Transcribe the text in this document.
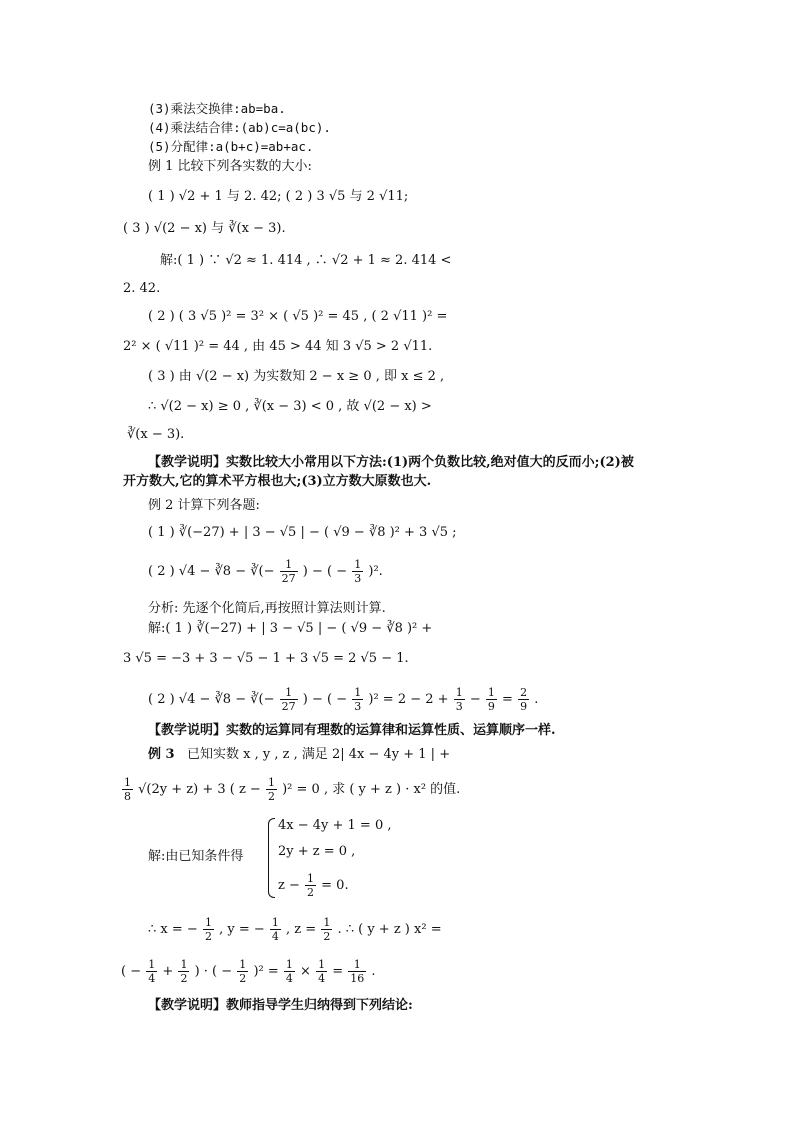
(3)乘法交换律:ab=ba.
(4)乘法结合律:(ab)c=a(bc).
(5)分配律:a(b+c)=ab+ac.
例 1 比较下列各实数的大小:
( 1 ) √2 + 1 与 2. 42; ( 2 ) 3 √5 与 2 √11;
( 3 ) √(2 − x) 与 ∛(x − 3).
解:( 1 ) ∵ √2 ≈ 1. 414 , ∴ √2 + 1 ≈ 2. 414 <
2. 42.
( 2 ) ( 3 √5 )² = 3² × ( √5 )² = 45 , ( 2 √11 )² =
2² × ( √11 )² = 44 , 由 45 > 44 知 3 √5 > 2 √11.
( 3 ) 由 √(2 − x) 为实数知 2 − x ≥ 0 , 即 x ≤ 2 ,
∴ √(2 − x) ≥ 0 , ∛(x − 3) < 0 , 故 √(2 − x) >
∛(x − 3).
【教学说明】实数比较大小常用以下方法:(1)两个负数比较,绝对值大的反而小;(2)被
开方数大,它的算术平方根也大;(3)立方数大原数也大.
例 2 计算下列各题:
( 1 ) ∛(−27) + | 3 − √5 | − ( √9 − ∛8 )² + 3 √5 ;
( 2 ) √4 − ∛8 − ∛(− $\frac{1}{27}$ ) − ( − $\frac{1}{3} )^2$.
分析: 先逐个化简后,再按照计算法则计算.
解:( 1 ) ∛(−27) + | 3 − √5 | − ( √9 − ∛8 )² +
3 √5 = −3 + 3 − √5 − 1 + 3 √5 = 2 √5 − 1.
( 2 ) √4 − ∛8 − ∛(− $\frac{1}{27}$ ) − ( − $\frac{1}{3} )^2 = 2 - 2 + \frac{1}{3} - \frac{1}{9} = \frac{2}{9}$ .
【教学说明】实数的运算同有理数的运算律和运算性质、运算顺序一样.
例 3 已知实数 x , y , z , 满足 2| 4x − 4y + 1 | +
$\frac{1}{8} √(2y + z) + 3$ ( $z - \frac{1}{2} )^2 = 0$ , 求 ( y + z ) · x² 的值.
解:由已知条件得
4x − 4y + 1 = 0 ,
2y + z = 0 ,
$z - \frac{1}{2} = 0$.
∴ x = − $\frac{1}{2}$ , y = − $\frac{1}{4}$ , $z = \frac{1}{2}$ . ∴ ( y + z ) x² =
( − $\frac{1}{4} + \frac{1}{2}$ ) · ( − $\frac{1}{2} )^2 = \frac{1}{4} \times \frac{1}{4} = \frac{1}{16}$ .
【教学说明】教师指导学生归纳得到下列结论:
